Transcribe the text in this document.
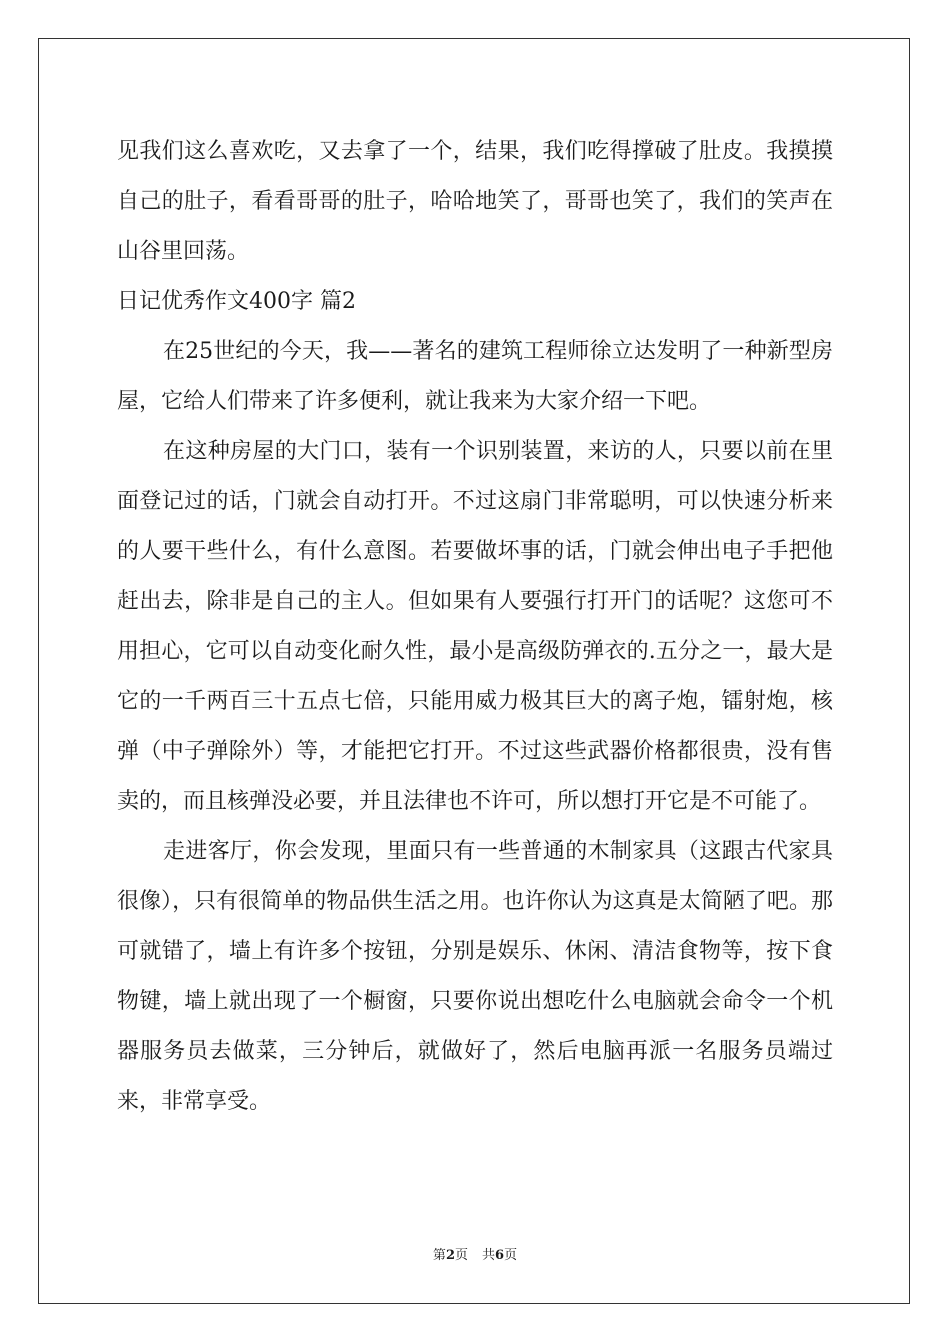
见我们这么喜欢吃，又去拿了一个，结果，我们吃得撑破了肚皮。我摸摸自己的肚子，看看哥哥的肚子，哈哈地笑了，哥哥也笑了，我们的笑声在山谷里回荡。

日记优秀作文400字 篇2

在25世纪的今天，我——著名的建筑工程师徐立达发明了一种新型房屋，它给人们带来了许多便利，就让我来为大家介绍一下吧。

在这种房屋的大门口，装有一个识别装置，来访的人，只要以前在里面登记过的话，门就会自动打开。不过这扇门非常聪明，可以快速分析来的人要干些什么，有什么意图。若要做坏事的话，门就会伸出电子手把他赶出去，除非是自己的主人。但如果有人要强行打开门的话呢？这您可不用担心，它可以自动变化耐久性，最小是高级防弹衣的.五分之一，最大是它的一千两百三十五点七倍，只能用威力极其巨大的离子炮，镭射炮，核弹（中子弹除外）等，才能把它打开。不过这些武器价格都很贵，没有售卖的，而且核弹没必要，并且法律也不许可，所以想打开它是不可能了。

走进客厅，你会发现，里面只有一些普通的木制家具（这跟古代家具很像），只有很简单的物品供生活之用。也许你认为这真是太简陋了吧。那可就错了，墙上有许多个按钮，分别是娱乐、休闲、清洁食物等，按下食物键，墙上就出现了一个橱窗，只要你说出想吃什么电脑就会命令一个机器服务员去做菜，三分钟后，就做好了，然后电脑再派一名服务员端过来，非常享受。

第2页 共6页
